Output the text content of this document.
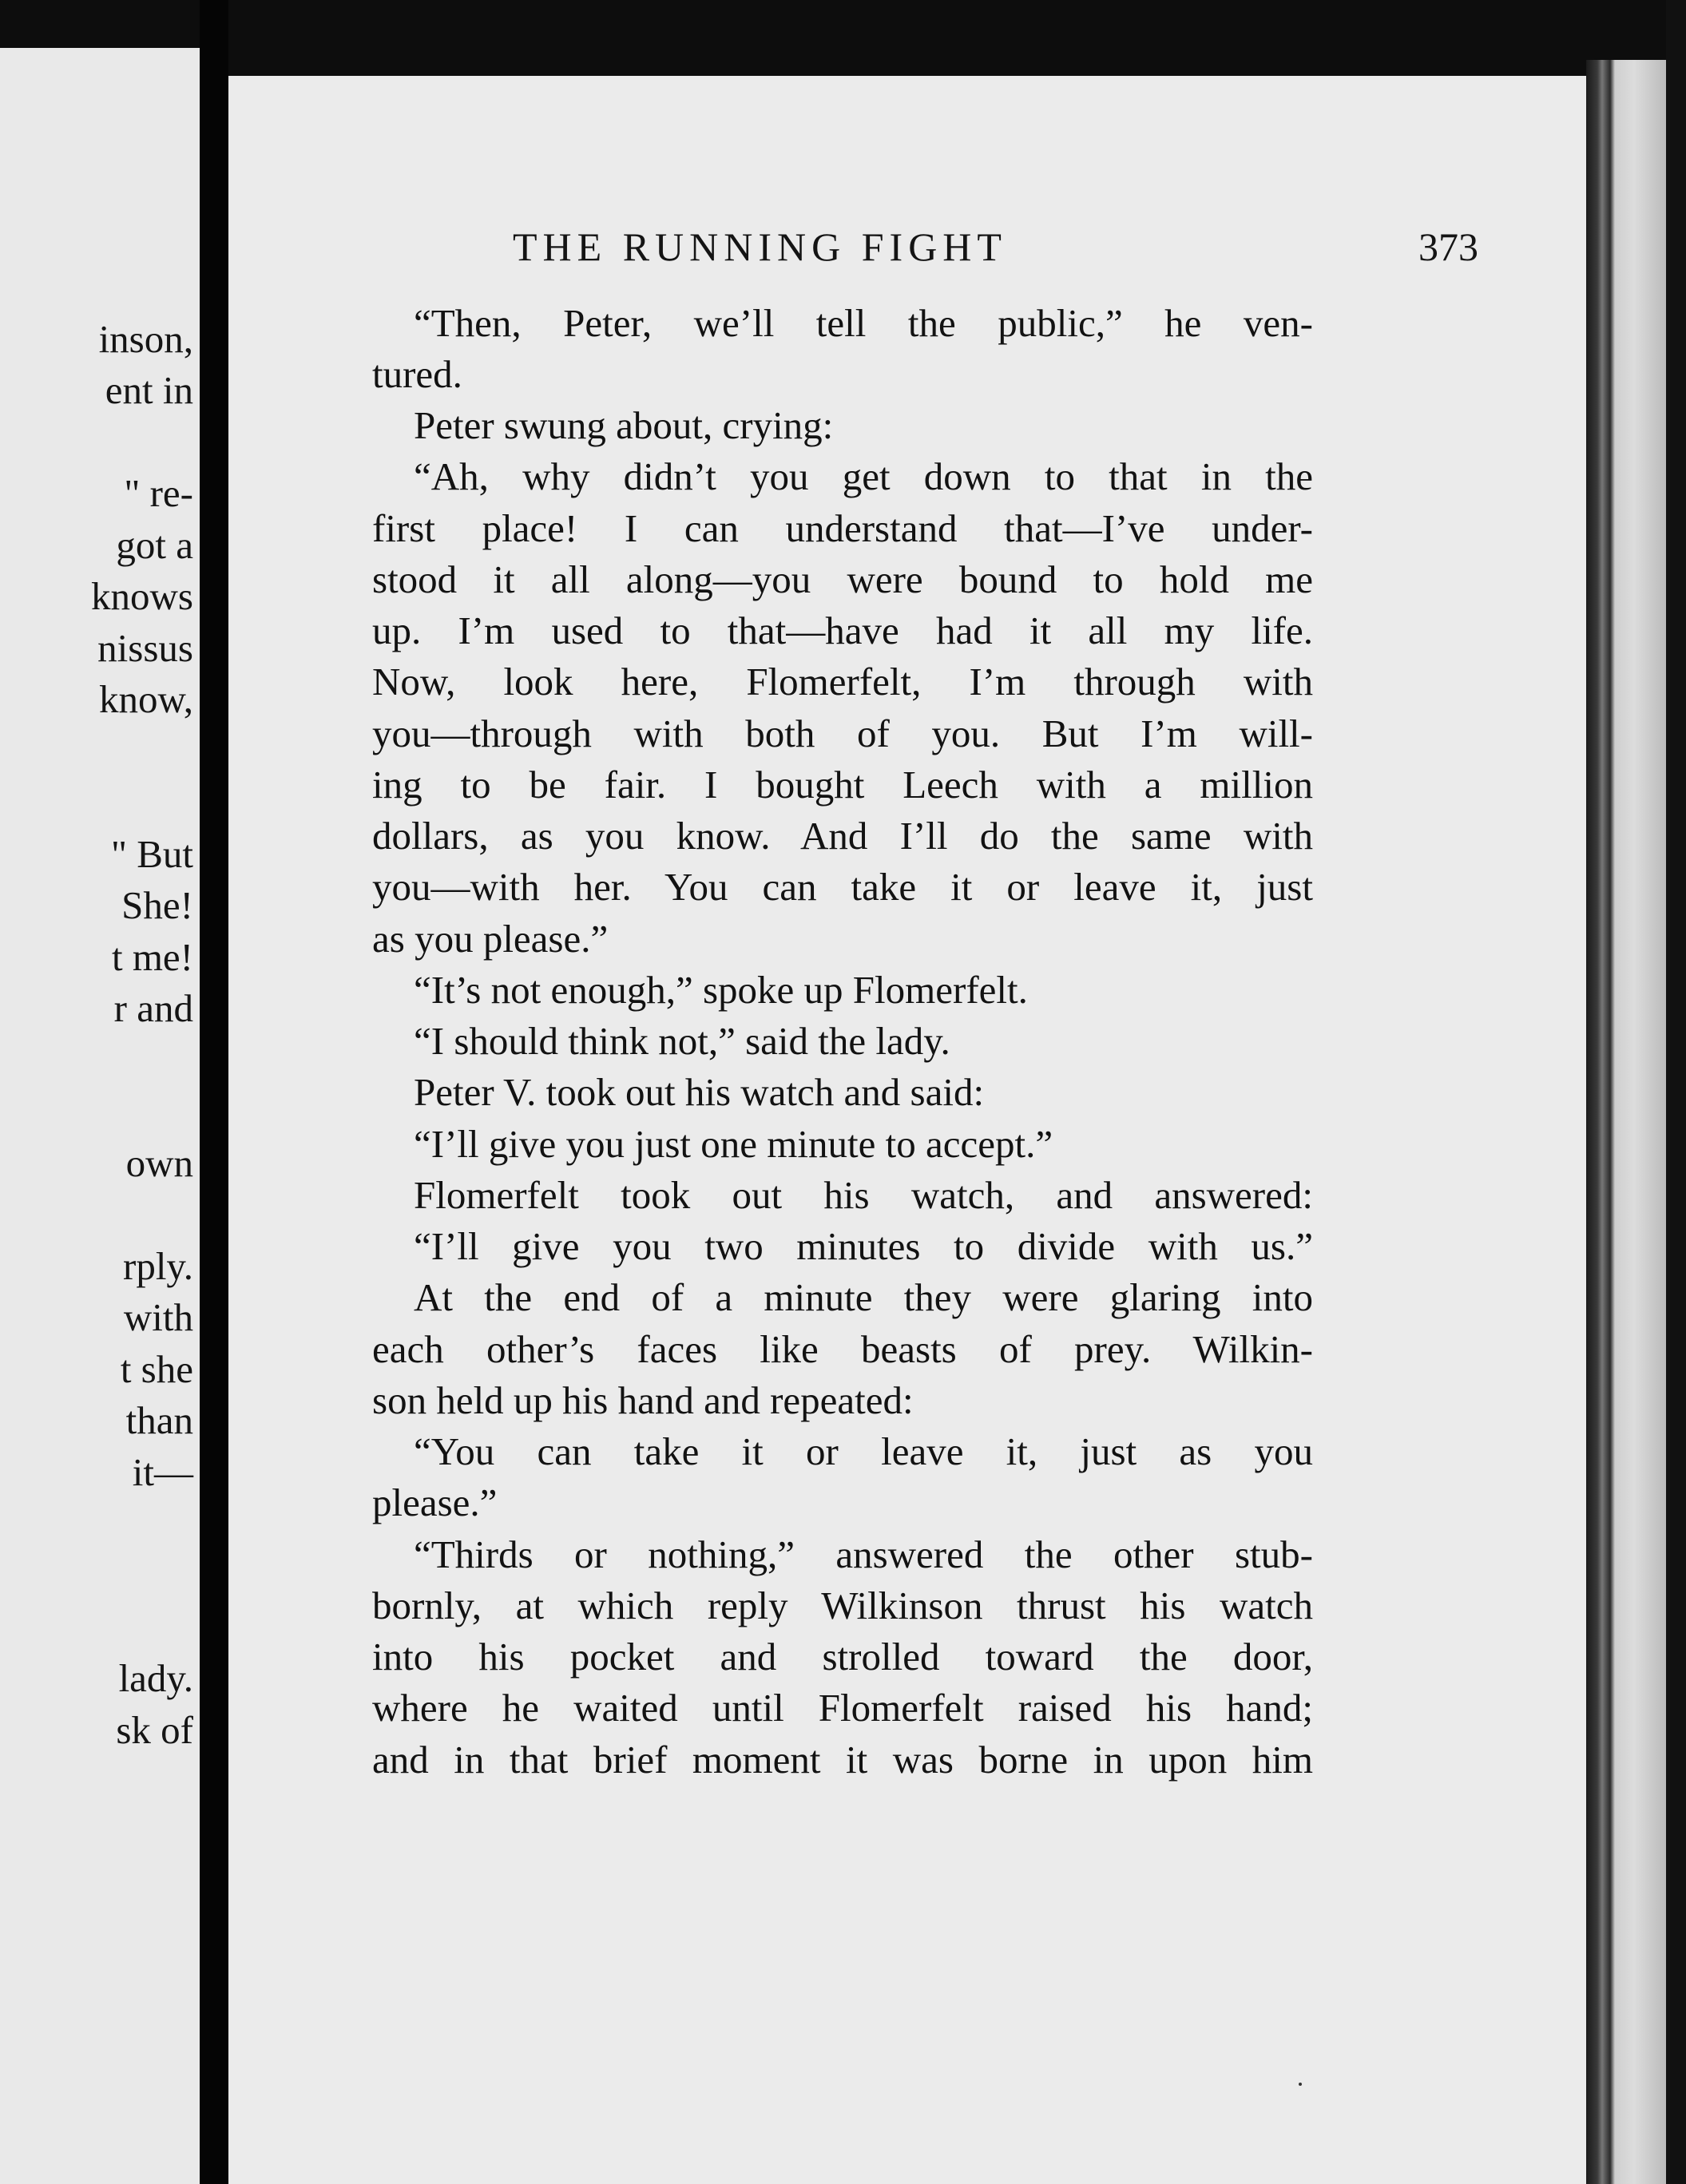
inson,
ent in
" re-
got a
knows
nissus
know,
" But
She!
t me!
r and
own
rply.
with
t she
than
it—
lady.
sk of
THE RUNNING FIGHT	373
“Then, Peter, we’ll tell the public,” he ven-
tured.
Peter swung about, crying:
“Ah, why didn’t you get down to that in the
first place! I can understand that—I’ve under-
stood it all along—you were bound to hold me
up. I’m used to that—have had it all my life.
Now, look here, Flomerfelt, I’m through with
you—through with both of you. But I’m will-
ing to be fair. I bought Leech with a million
dollars, as you know. And I’ll do the same with
you—with her. You can take it or leave it, just
as you please.”
“It’s not enough,” spoke up Flomerfelt.
“I should think not,” said the lady.
Peter V. took out his watch and said:
“I’ll give you just one minute to accept.”
Flomerfelt took out his watch, and answered:
“I’ll give you two minutes to divide with us.”
At the end of a minute they were glaring into
each other’s faces like beasts of prey. Wilkin-
son held up his hand and repeated:
“You can take it or leave it, just as you
please.”
“Thirds or nothing,” answered the other stub-
bornly, at which reply Wilkinson thrust his watch
into his pocket and strolled toward the door,
where he waited until Flomerfelt raised his hand;
and in that brief moment it was borne in upon him
